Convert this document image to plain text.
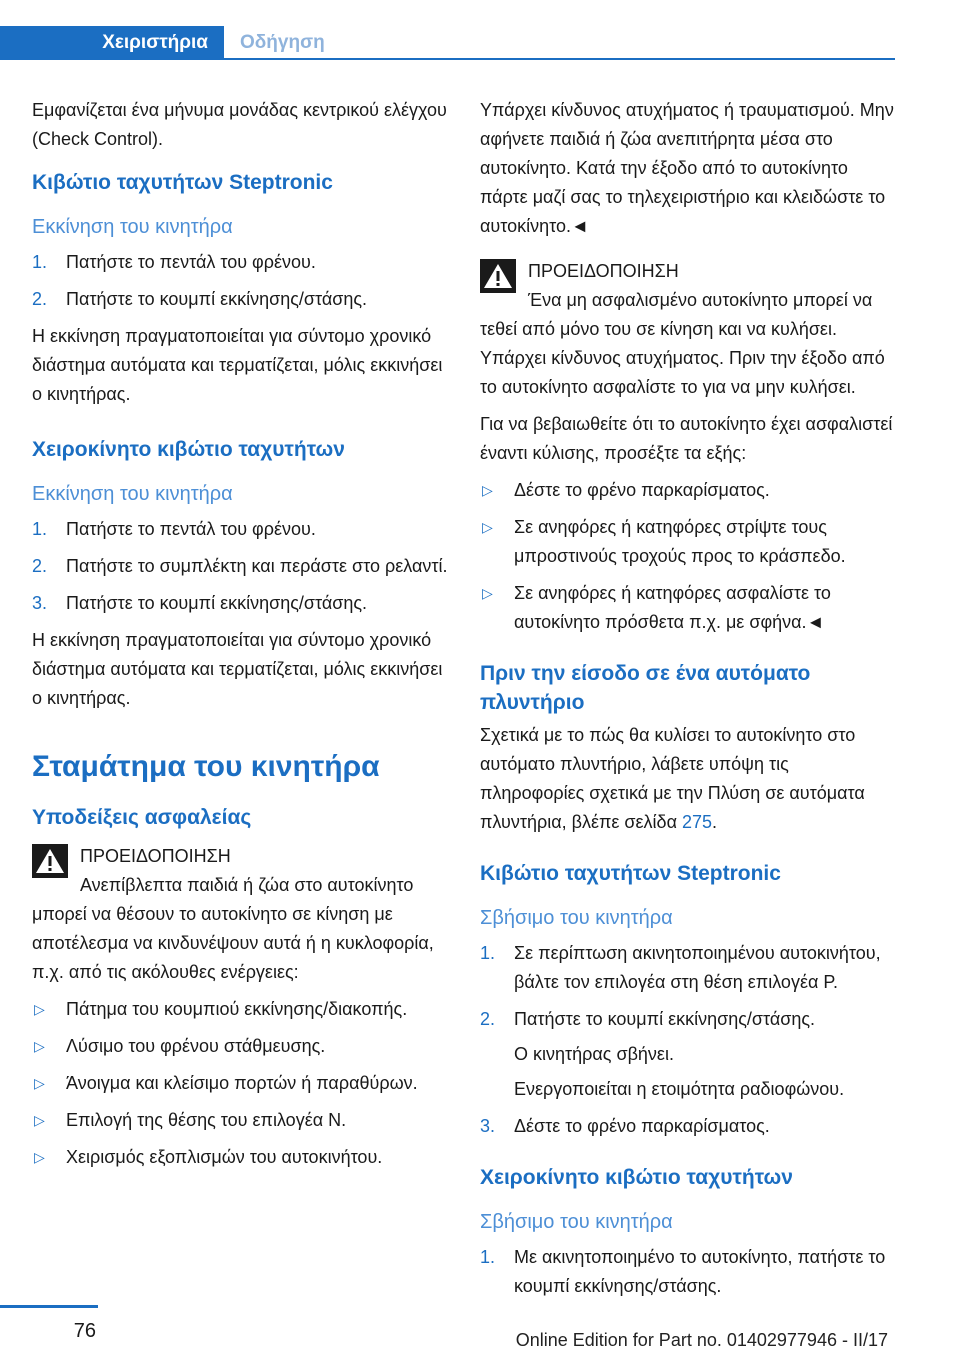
Χειριστήρια	Οδήγηση

Εμφανίζεται ένα μήνυμα μονάδας κεντρικού ελέγχου (Check Control).

Κιβώτιο ταχυτήτων Steptronic
Εκκίνηση του κινητήρα
1. Πατήστε το πεντάλ του φρένου.
2. Πατήστε το κουμπί εκκίνησης/στάσης.

Η εκκίνηση πραγματοποιείται για σύντομο χρονικό διάστημα αυτόματα και τερματίζεται, μόλις εκκινήσει ο κινητήρας.

Χειροκίνητο κιβώτιο ταχυτήτων
Εκκίνηση του κινητήρα
1. Πατήστε το πεντάλ του φρένου.
2. Πατήστε το συμπλέκτη και περάστε στο ρελαντί.
3. Πατήστε το κουμπί εκκίνησης/στάσης.

Η εκκίνηση πραγματοποιείται για σύντομο χρονικό διάστημα αυτόματα και τερματίζεται, μόλις εκκινήσει ο κινητήρας.

Σταμάτημα του κινητήρα
Υποδείξεις ασφαλείας
ΠΡΟΕΙΔΟΠΟΙΗΣΗ
Ανεπίβλεπτα παιδιά ή ζώα στο αυτοκίνητο μπορεί να θέσουν το αυτοκίνητο σε κίνηση με αποτέλεσμα να κινδυνέψουν αυτά ή η κυκλοφορία, π.χ. από τις ακόλουθες ενέργειες:
▷ Πάτημα του κουμπιού εκκίνησης/διακοπής.
▷ Λύσιμο του φρένου στάθμευσης.
▷ Άνοιγμα και κλείσιμο πορτών ή παραθύρων.
▷ Επιλογή της θέσης του επιλογέα N.
▷ Χειρισμός εξοπλισμών του αυτοκινήτου.

Υπάρχει κίνδυνος ατυχήματος ή τραυματισμού. Μην αφήνετε παιδιά ή ζώα ανεπιτήρητα μέσα στο αυτοκίνητο. Κατά την έξοδο από το αυτοκίνητο πάρτε μαζί σας το τηλεχειριστήριο και κλειδώστε το αυτοκίνητο.◄

ΠΡΟΕΙΔΟΠΟΙΗΣΗ
Ένα μη ασφαλισμένο αυτοκίνητο μπορεί να τεθεί από μόνο του σε κίνηση και να κυλήσει. Υπάρχει κίνδυνος ατυχήματος. Πριν την έξοδο από το αυτοκίνητο ασφαλίστε το για να μην κυλήσει.

Για να βεβαιωθείτε ότι το αυτοκίνητο έχει ασφαλιστεί έναντι κύλισης, προσέξτε τα εξής:

▷ Δέστε το φρένο παρκαρίσματος.
▷ Σε ανηφόρες ή κατηφόρες στρίψτε τους μπροστινούς τροχούς προς το κράσπεδο.
▷ Σε ανηφόρες ή κατηφόρες ασφαλίστε το αυτοκίνητο πρόσθετα π.χ. με σφήνα.◄
Πριν την είσοδο σε ένα αυτόματο πλυντήριο

Σχετικά με το πώς θα κυλίσει το αυτοκίνητο στο αυτόματο πλυντήριο, λάβετε υπόψη τις πληροφορίες σχετικά με την Πλύση σε αυτόματα πλυντήρια, βλέπε σελίδα 275.

Κιβώτιο ταχυτήτων Steptronic
Σβήσιμο του κινητήρα
1. Σε περίπτωση ακινητοποιημένου αυτοκινήτου, βάλτε τον επιλογέα στη θέση επιλογέα P.
2. Πατήστε το κουμπί εκκίνησης/στάσης.
Ο κινητήρας σβήνει.
Ενεργοποιείται η ετοιμότητα ραδιοφώνου.
3. Δέστε το φρένο παρκαρίσματος.
Χειροκίνητο κιβώτιο ταχυτήτων
Σβήσιμο του κινητήρα
1. Με ακινητοποιημένο το αυτοκίνητο, πατήστε το κουμπί εκκίνησης/στάσης.
76	Online Edition for Part no. 01402977946 - II/17
